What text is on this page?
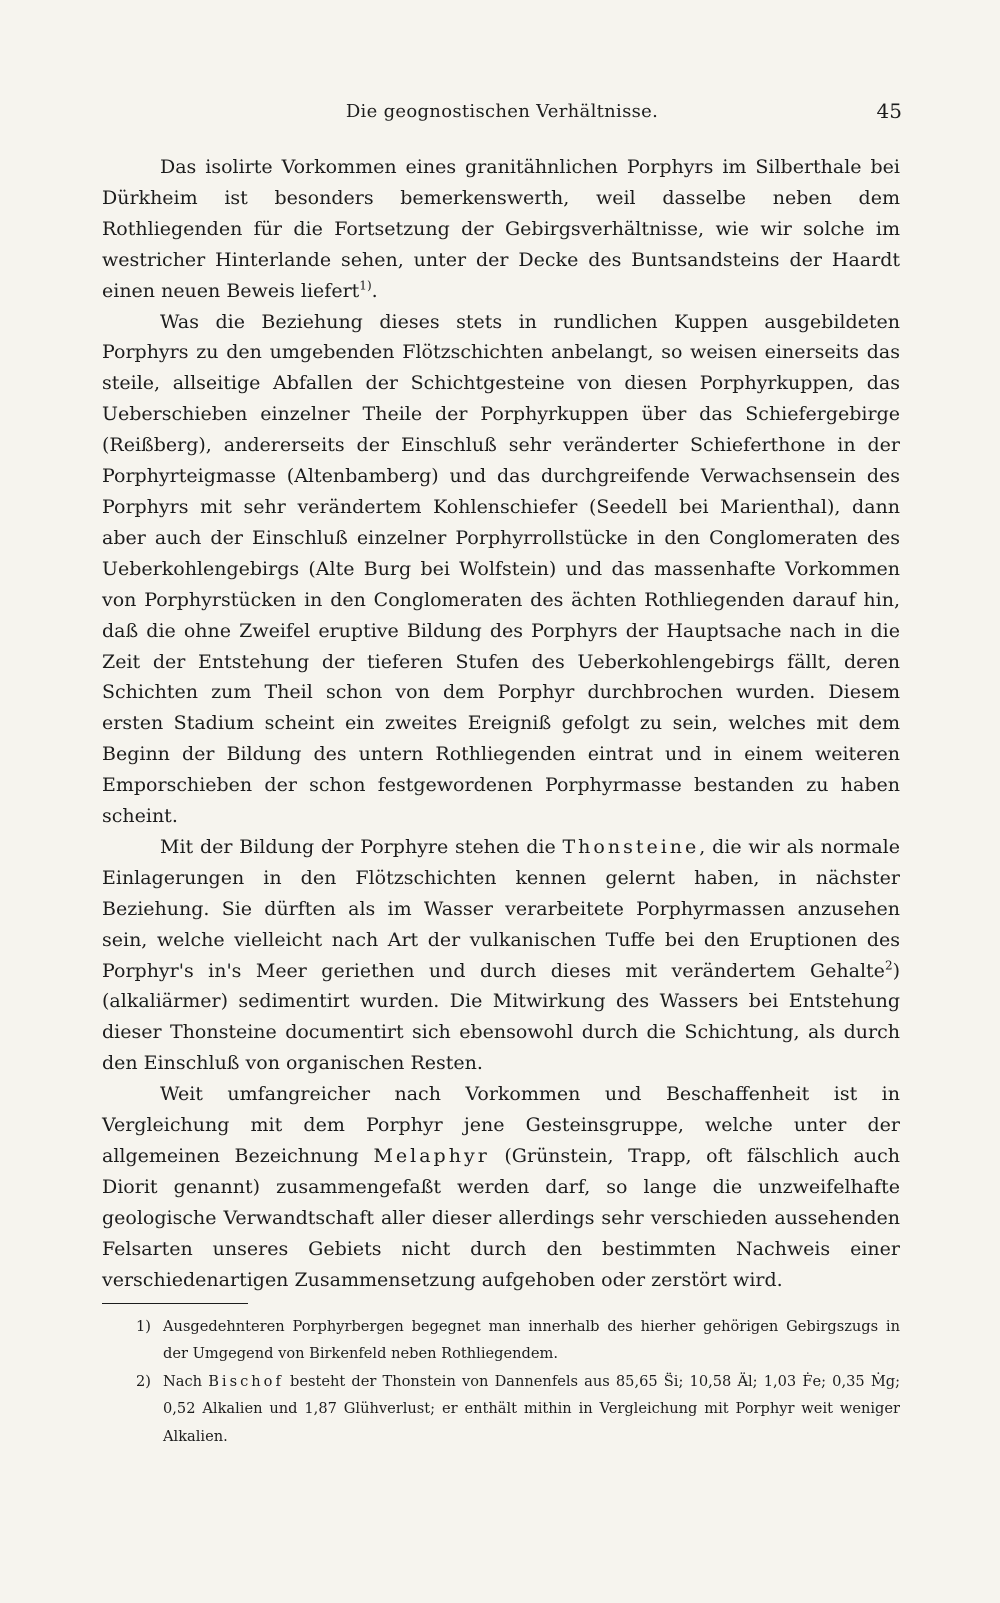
Die geognostischen Verhältnisse.	45

Das isolirte Vorkommen eines granitähnlichen Porphyrs im Silberthale bei Dürkheim ist besonders bemerkenswerth, weil dasselbe neben dem Rothliegenden für die Fortsetzung der Gebirgsverhältnisse, wie wir solche im westricher Hinterlande sehen, unter der Decke des Buntsandsteins der Haardt einen neuen Beweis liefert$^{1)}$.

Was die Beziehung dieses stets in rundlichen Kuppen ausgebildeten Porphyrs zu den umgebenden Flötzschichten anbelangt, so weisen einerseits das steile, allseitige Abfallen der Schichtgesteine von diesen Porphyrkuppen, das Ueberschieben einzelner Theile der Porphyrkuppen über das Schiefergebirge (Reißberg), andererseits der Einschluß sehr veränderter Schieferthone in der Porphyrteigmasse (Altenbamberg) und das durchgreifende Verwachsensein des Porphyrs mit sehr verändertem Kohlenschiefer (Seedell bei Marienthal), dann aber auch der Einschluß einzelner Porphyrrollstücke in den Conglomeraten des Ueberkohlengebirgs (Alte Burg bei Wolfstein) und das massenhafte Vorkommen von Porphyrstücken in den Conglomeraten des ächten Rothliegenden darauf hin, daß die ohne Zweifel eruptive Bildung des Porphyrs der Hauptsache nach in die Zeit der Entstehung der tieferen Stufen des Ueberkohlengebirgs fällt, deren Schichten zum Theil schon von dem Porphyr durchbrochen wurden. Diesem ersten Stadium scheint ein zweites Ereigniß gefolgt zu sein, welches mit dem Beginn der Bildung des untern Rothliegenden eintrat und in einem weiteren Emporschieben der schon festgewordenen Porphyrmasse bestanden zu haben scheint.

Mit der Bildung der Porphyre stehen die Thonsteine, die wir als normale Einlagerungen in den Flötzschichten kennen gelernt haben, in nächster Beziehung. Sie dürften als im Wasser verarbeitete Porphyrmassen anzusehen sein, welche vielleicht nach Art der vulkanischen Tuffe bei den Eruptionen des Porphyr's in's Meer geriethen und durch dieses mit verändertem Gehalte$^2$) (alkaliärmer) sedimentirt wurden. Die Mitwirkung des Wassers bei Entstehung dieser Thonsteine documentirt sich ebensowohl durch die Schichtung, als durch den Einschluß von organischen Resten.

Weit umfangreicher nach Vorkommen und Beschaffenheit ist in Vergleichung mit dem Porphyr jene Gesteinsgruppe, welche unter der allgemeinen Bezeichnung Melaphyr (Grünstein, Trapp, oft fälschlich auch Diorit genannt) zusammengefaßt werden darf, so lange die unzweifelhafte geologische Verwandtschaft aller dieser allerdings sehr verschieden aussehenden Felsarten unseres Gebiets nicht durch den bestimmten Nachweis einer verschiedenartigen Zusammensetzung aufgehoben oder zerstört wird.

1) Ausgedehnteren Porphyrbergen begegnet man innerhalb des hierher gehörigen Gebirgszugs in der Umgegend von Birkenfeld neben Rothliegendem.

2) Nach Bischof besteht der Thonstein von Dannenfels aus 85,65 S̈i; 10,58 Ä̶l; 1,03 Ḟe; 0,35 Ṁg; 0,52 Alkalien und 1,87 Glühverlust; er enthält mithin in Vergleichung mit Porphyr weit weniger Alkalien.
